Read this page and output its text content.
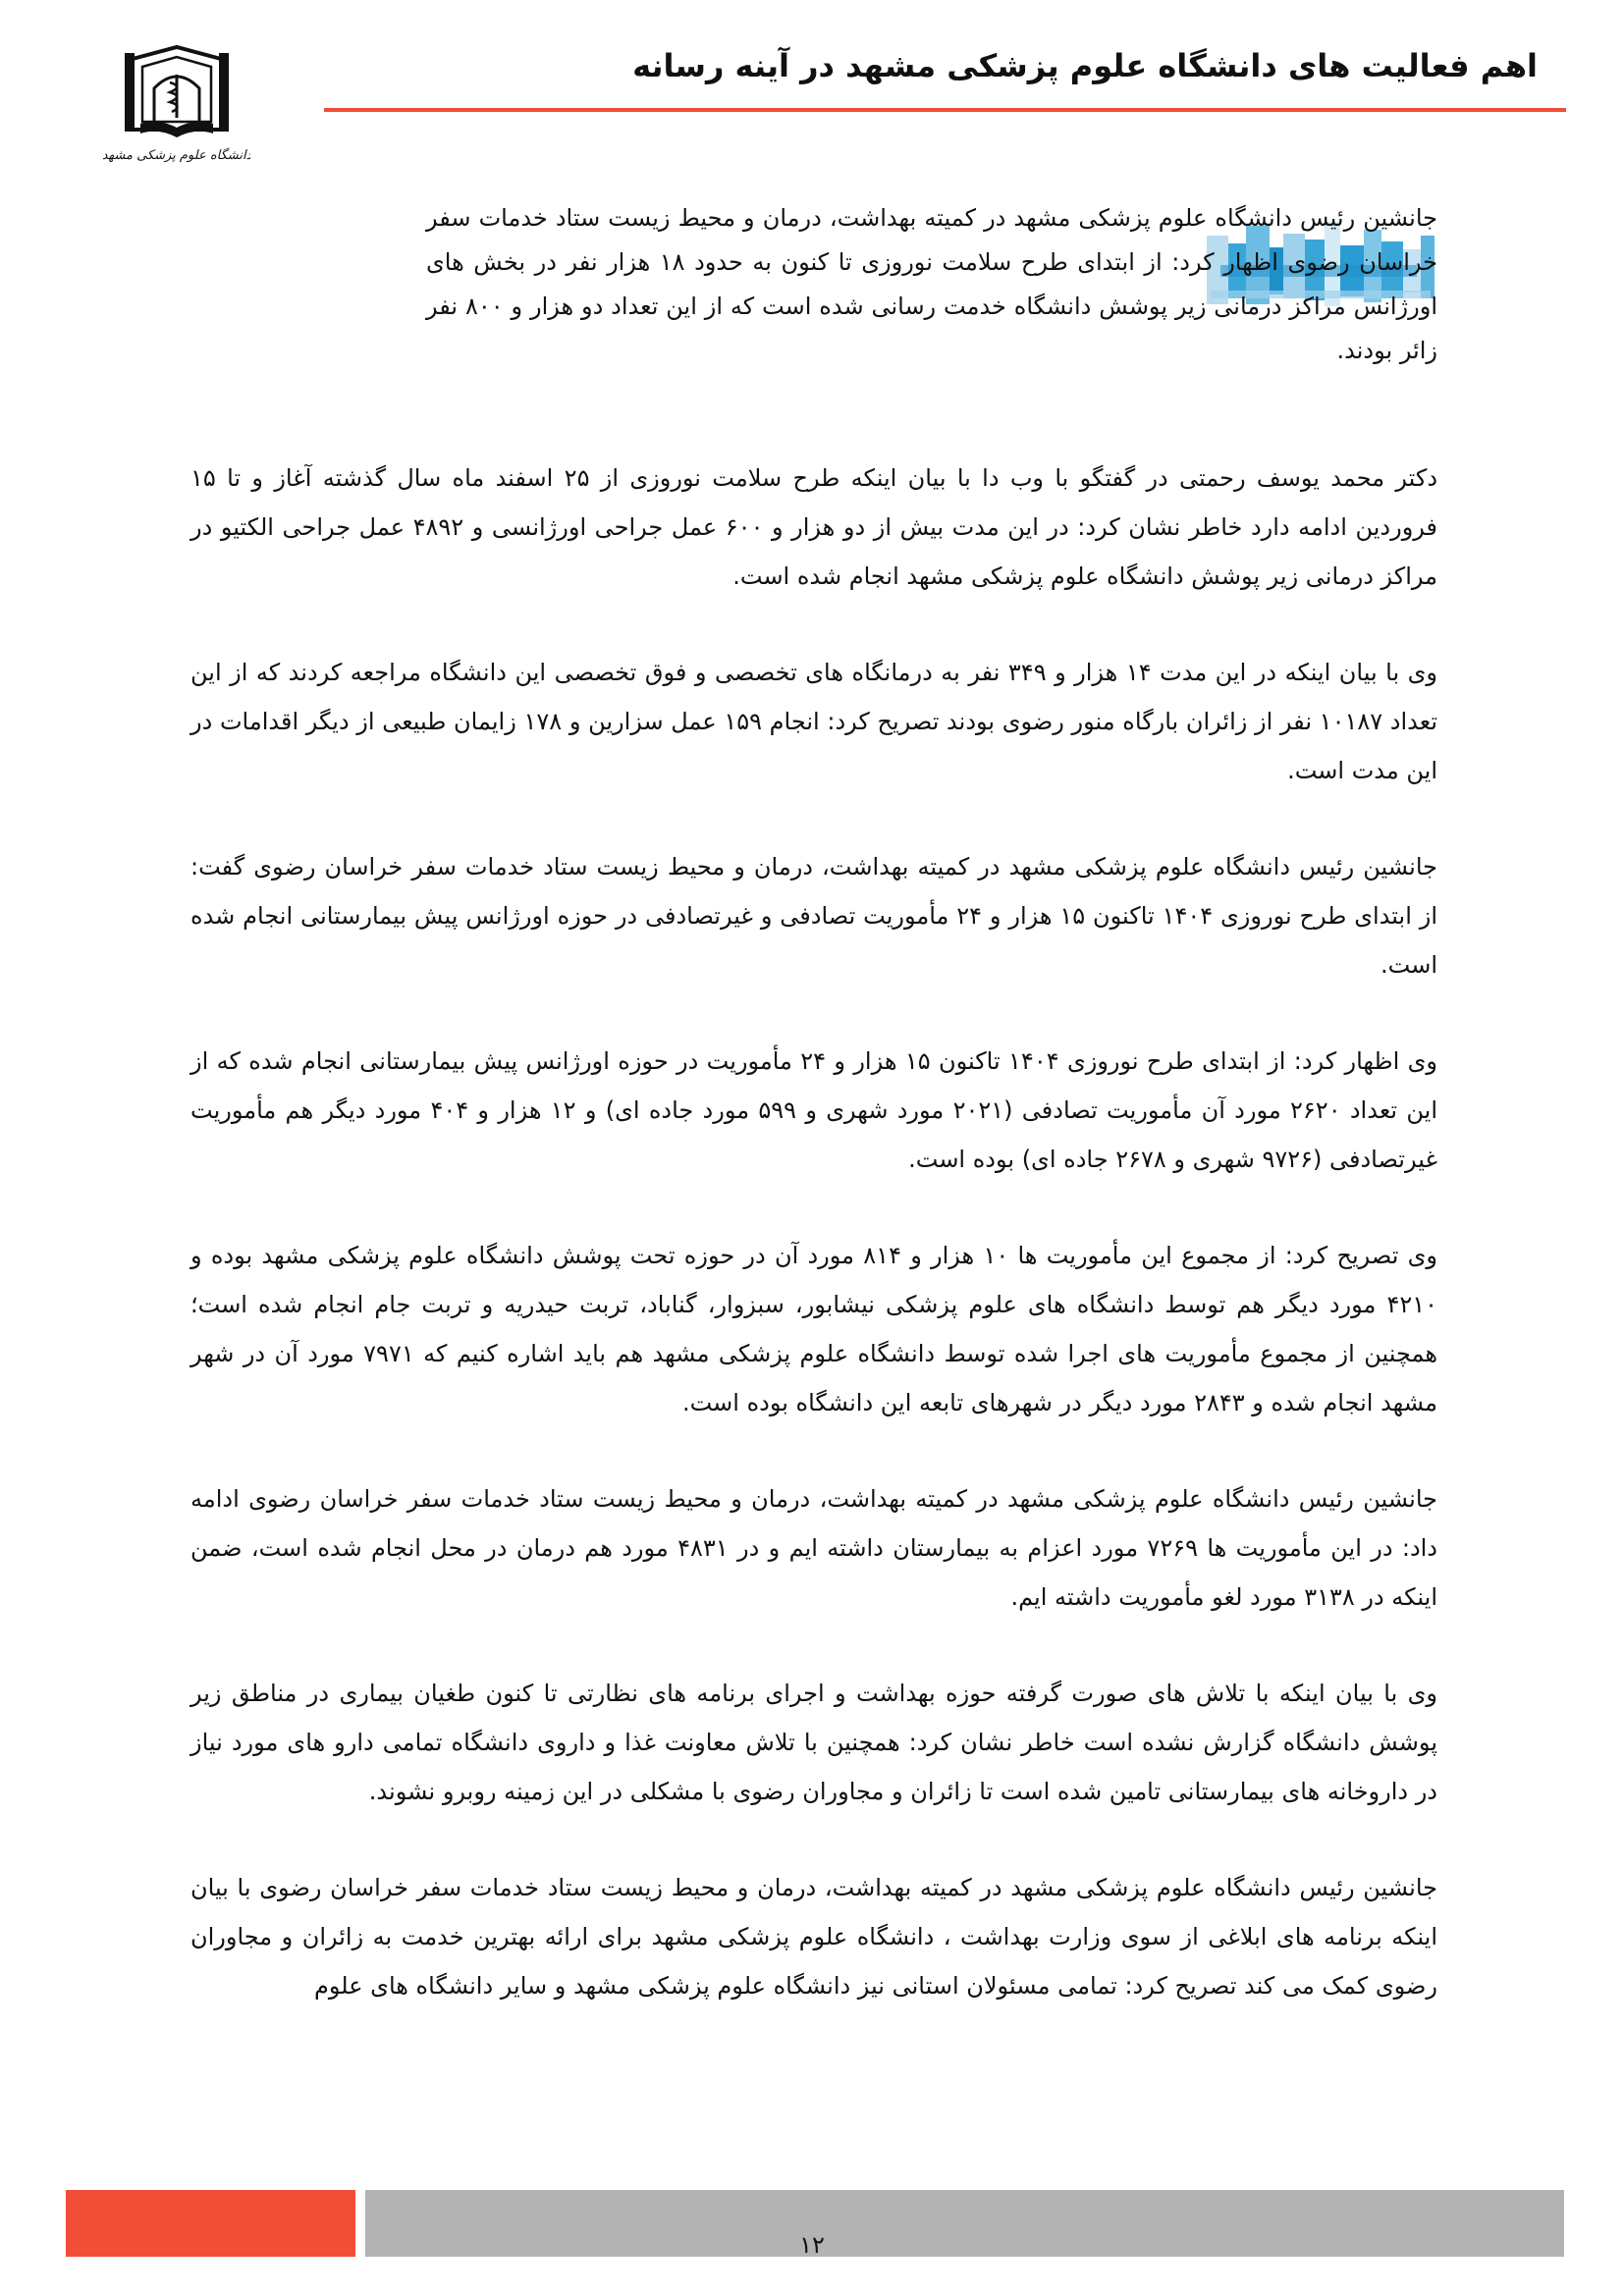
اهم فعالیت های دانشگاه علوم پزشکی مشهد در آینه رسانه
دانشگاه علوم پزشکی مشهد

جانشین رئیس دانشگاه علوم پزشکی مشهد در کمیته بهداشت، درمان و محیط زیست ستاد خدمات سفر خراسان رضوی اظهار کرد: از ابتدای طرح سلامت نوروزی تا کنون به حدود ۱۸ هزار نفر در بخش های اورژانس مراکز درمانی زیر پوشش دانشگاه خدمت رسانی شده است که از این تعداد دو هزار و ۸۰۰ نفر زائر بودند.

دکتر محمد یوسف رحمتی در گفتگو با وب دا با بیان اینکه طرح سلامت نوروزی از ۲۵ اسفند ماه سال گذشته آغاز و تا ۱۵ فروردین ادامه دارد خاطر نشان کرد: در این مدت بیش از دو هزار و ۶۰۰ عمل جراحی اورژانسی و ۴۸۹۲ عمل جراحی الکتیو در مراکز درمانی زیر پوشش دانشگاه علوم پزشکی مشهد انجام شده است.

وی با بیان اینکه در این مدت ۱۴ هزار و ۳۴۹ نفر به درمانگاه های تخصصی و فوق تخصصی این دانشگاه مراجعه کردند که از این تعداد ۱۰۱۸۷ نفر از زائران بارگاه منور رضوی بودند تصریح کرد: انجام ۱۵۹ عمل سزارین و ۱۷۸ زایمان طبیعی از دیگر اقدامات در این مدت است.

جانشین رئیس دانشگاه علوم پزشکی مشهد در کمیته بهداشت، درمان و محیط زیست ستاد خدمات سفر خراسان رضوی گفت: از ابتدای طرح نوروزی ۱۴۰۴ تاکنون ۱۵ هزار و ۲۴ مأموریت تصادفی و غیرتصادفی در حوزه اورژانس پیش بیمارستانی انجام شده است.

وی اظهار کرد: از ابتدای طرح نوروزی ۱۴۰۴ تاکنون ۱۵ هزار و ۲۴ مأموریت در حوزه اورژانس پیش بیمارستانی انجام شده که از این تعداد ۲۶۲۰ مورد آن مأموریت تصادفی (۲۰۲۱ مورد شهری و ۵۹۹ مورد جاده ای) و ۱۲ هزار و ۴۰۴ مورد دیگر هم مأموریت غیرتصادفی (۹۷۲۶ شهری و ۲۶۷۸ جاده ای) بوده است.

وی تصریح کرد: از مجموع این مأموریت ها ۱۰ هزار و ۸۱۴ مورد آن در حوزه تحت پوشش دانشگاه علوم پزشکی مشهد بوده و ۴۲۱۰ مورد دیگر هم توسط دانشگاه های علوم پزشکی نیشابور، سبزوار، گناباد، تربت حیدریه و تربت جام انجام شده است؛ همچنین از مجموع مأموریت های اجرا شده توسط دانشگاه علوم پزشکی مشهد هم باید اشاره کنیم که ۷۹۷۱ مورد آن در شهر مشهد انجام شده و ۲۸۴۳ مورد دیگر در شهرهای تابعه این دانشگاه بوده است.

جانشین رئیس دانشگاه علوم پزشکی مشهد در کمیته بهداشت، درمان و محیط زیست ستاد خدمات سفر خراسان رضوی ادامه داد: در این مأموریت ها ۷۲۶۹ مورد اعزام به بیمارستان داشته ایم و در ۴۸۳۱ مورد هم درمان در محل انجام شده است، ضمن اینکه در ۳۱۳۸ مورد لغو مأموریت داشته ایم.

وی با بیان اینکه با تلاش های صورت گرفته حوزه بهداشت و اجرای برنامه های نظارتی تا کنون طغیان بیماری در مناطق زیر پوشش دانشگاه گزارش نشده است خاطر نشان کرد: همچنین با تلاش معاونت غذا و داروی دانشگاه تمامی دارو های مورد نیاز در داروخانه های بیمارستانی تامین شده است تا زائران و مجاوران رضوی با مشکلی در این زمینه روبرو نشوند.

جانشین رئیس دانشگاه علوم پزشکی مشهد در کمیته بهداشت، درمان و محیط زیست ستاد خدمات سفر خراسان رضوی با بیان اینکه برنامه های ابلاغی از سوی وزارت بهداشت ، دانشگاه علوم پزشکی مشهد برای ارائه بهترین خدمت به زائران و مجاوران رضوی کمک می کند تصریح کرد: تمامی مسئولان استانی نیز دانشگاه علوم پزشکی مشهد و سایر دانشگاه های علوم

۱۲
